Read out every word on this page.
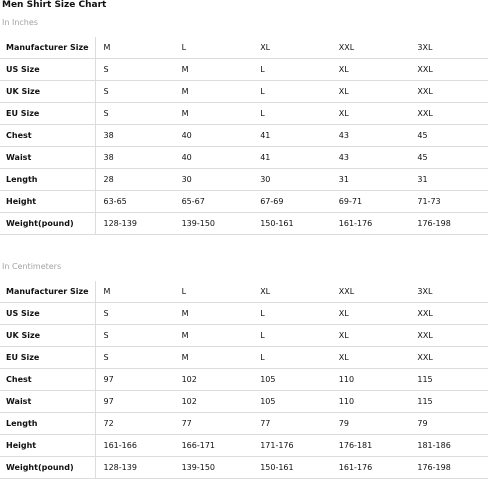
Men Shirt Size Chart
In Inches
Manufacturer Size	M	L	XL	XXL	3XL
US Size	S	M	L	XL	XXL
UK Size	S	M	L	XL	XXL
EU Size	S	M	L	XL	XXL
Chest	38	40	41	43	45
Waist	38	40	41	43	45
Length	28	30	30	31	31
Height	63-65	65-67	67-69	69-71	71-73
Weight(pound)	128-139	139-150	150-161	161-176	176-198
In Centimeters
Manufacturer Size	M	L	XL	XXL	3XL
US Size	S	M	L	XL	XXL
UK Size	S	M	L	XL	XXL
EU Size	S	M	L	XL	XXL
Chest	97	102	105	110	115
Waist	97	102	105	110	115
Length	72	77	77	79	79
Height	161-166	166-171	171-176	176-181	181-186
Weight(pound)	128-139	139-150	150-161	161-176	176-198
